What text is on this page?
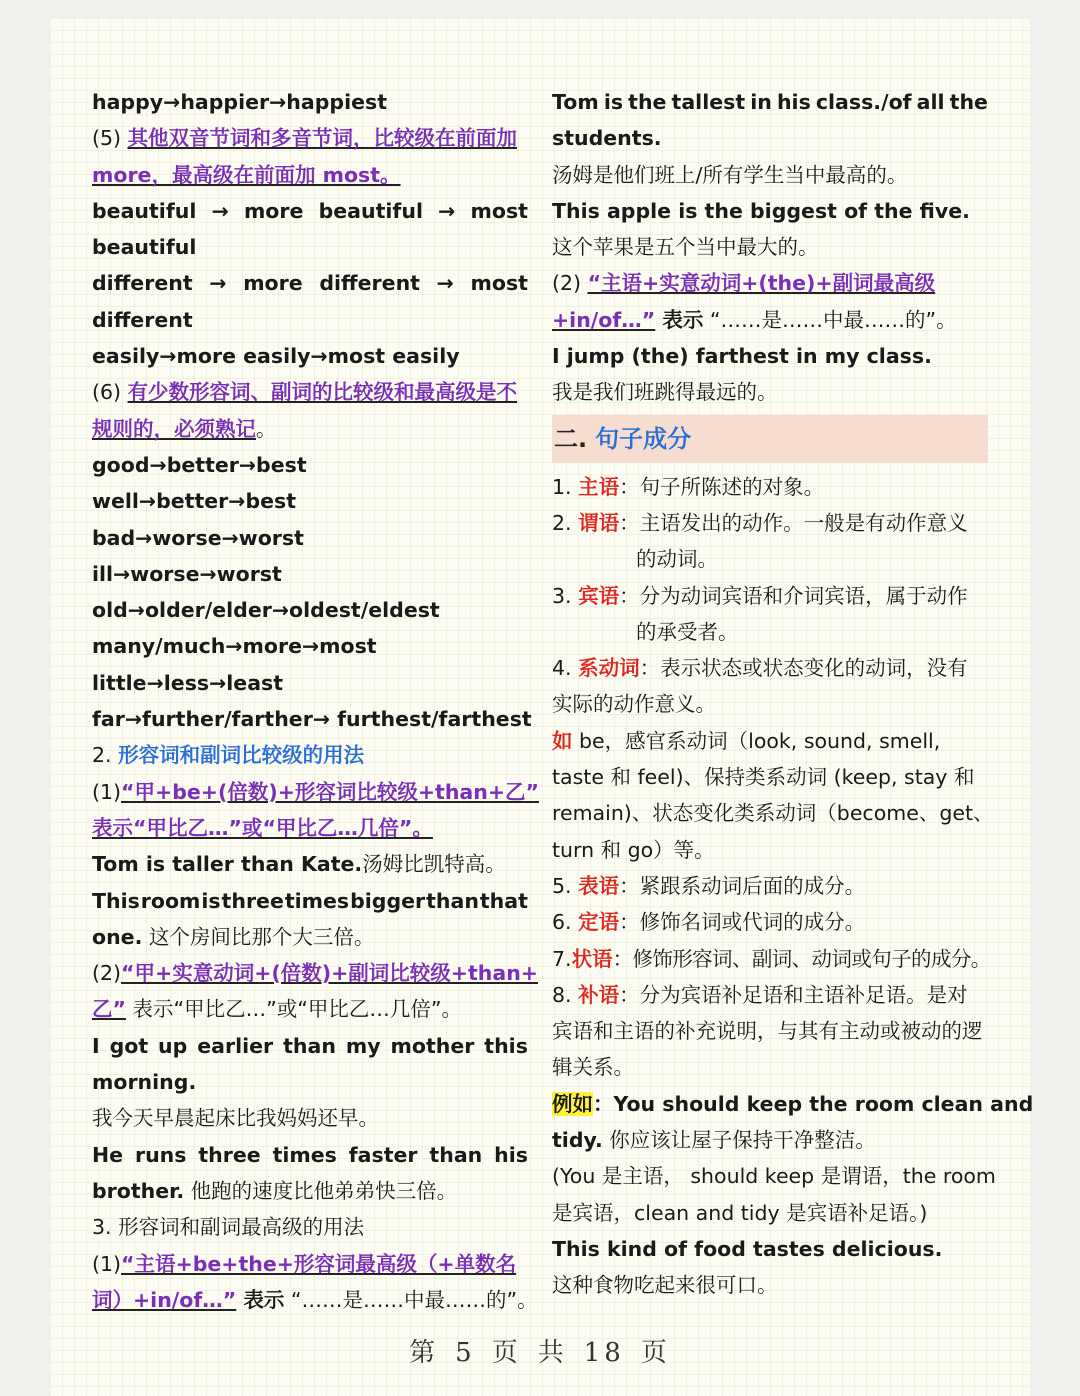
happy→happier→happiest
(5) 其他双音节词和多音节词，比较级在前面加
more，最高级在前面加 most。
beautiful → more beautiful → most
beautiful
different → more different → most
different
easily→more easily→most easily
(6) 有少数形容词、副词的比较级和最高级是不
规则的，必须熟记。
good→better→best
well→better→best
bad→worse→worst
ill→worse→worst
old→older/elder→oldest/eldest
many/much→more→most
little→less→least
far→further/farther→ furthest/farthest
2. 形容词和副词比较级的用法
(1)“甲+be+(倍数)+形容词比较级+than+乙”
表示“甲比乙…”或“甲比乙…几倍”。
Tom is taller than Kate.汤姆比凯特高。
This room is three times bigger than that
one. 这个房间比那个大三倍。
(2)“甲+实意动词+(倍数)+副词比较级+than+
乙” 表示“甲比乙…”或“甲比乙…几倍”。
I got up earlier than my mother this
morning.
我今天早晨起床比我妈妈还早。
He runs three times faster than his
brother. 他跑的速度比他弟弟快三倍。
3. 形容词和副词最高级的用法
(1)“主语+be+the+形容词最高级（+单数名
词）+in/of…” 表示 “……是……中最……的”。
Tom is the tallest in his class./of all the
students.
汤姆是他们班上/所有学生当中最高的。
This apple is the biggest of the five.
这个苹果是五个当中最大的。
(2) “主语+实意动词+(the)+副词最高级
+in/of…” 表示 “……是……中最……的”。
I jump (the) farthest in my class.
我是我们班跳得最远的。
二. 句子成分
1. 主语：句子所陈述的对象。
2. 谓语：主语发出的动作。一般是有动作意义
的动词。
3. 宾语：分为动词宾语和介词宾语，属于动作
的承受者。
4. 系动词：表示状态或状态变化的动词，没有
实际的动作意义。
如 be，感官系动词（look, sound, smell,
taste 和 feel)、保持类系动词 (keep, stay 和
remain)、状态变化类系动词（become、get、
turn 和 go）等。
5. 表语：紧跟系动词后面的成分。
6. 定语：修饰名词或代词的成分。
7.状语：修饰形容词、副词、动词或句子的成分。
8. 补语：分为宾语补足语和主语补足语。是对
宾语和主语的补充说明，与其有主动或被动的逻
辑关系。
例如：You should keep the room clean and
tidy. 你应该让屋子保持干净整洁。
(You 是主语， should keep 是谓语，the room
是宾语，clean and tidy 是宾语补足语。)
This kind of food tastes delicious.
这种食物吃起来很可口。
第 5 页 共 18 页
